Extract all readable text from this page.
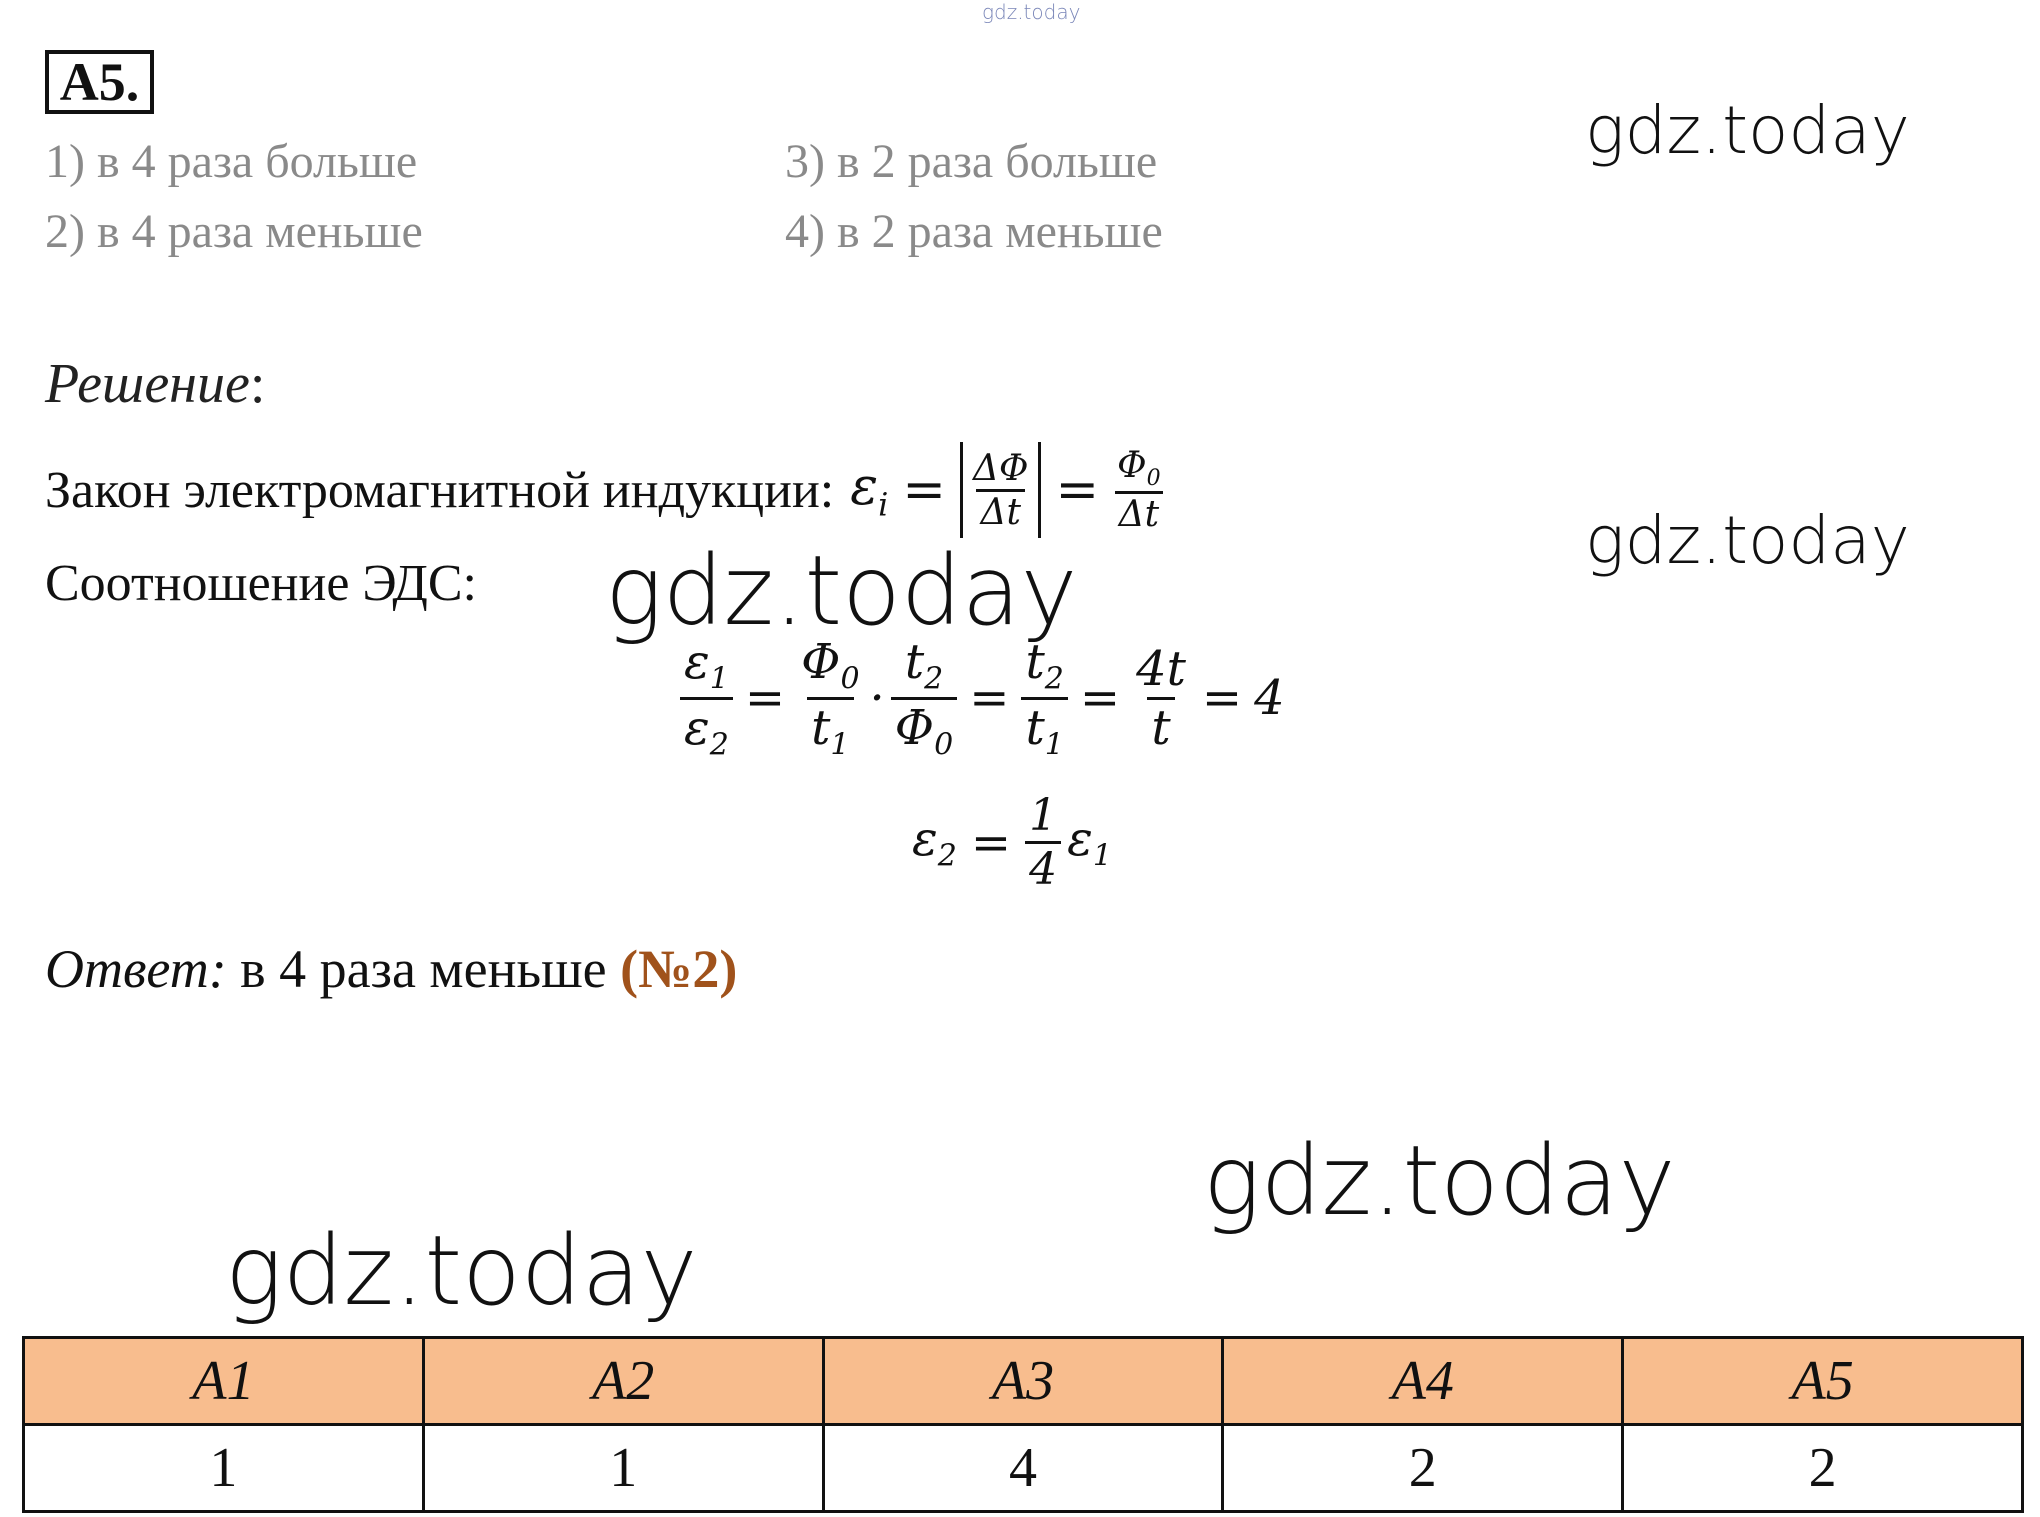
gdz.today
A5.
1) в 4 раза больше
2) в 4 раза меньше
3) в 2 раза больше
4) в 2 раза меньше
gdz.today
gdz.today
gdz.today
gdz.today
gdz.today
Решение:
Закон электромагнитной индукции: $\varepsilon_i = \frac{\Delta\Phi}{\Delta t} = \frac{\Phi_0}{\Delta t}$
Соотношение ЭДС:
$\frac{\varepsilon_1}{\varepsilon_2} = \frac{\Phi_0}{t_1} \cdot \frac{t_2}{\Phi_0} = \frac{t_2}{t_1} = \frac{4t}{t} = 4$
$\varepsilon_2 = \frac{1}{4} \varepsilon_1$
Ответ: в 4 раза меньше (№2)
A1	A2	A3	A4	A5
1	1	4	2	2
